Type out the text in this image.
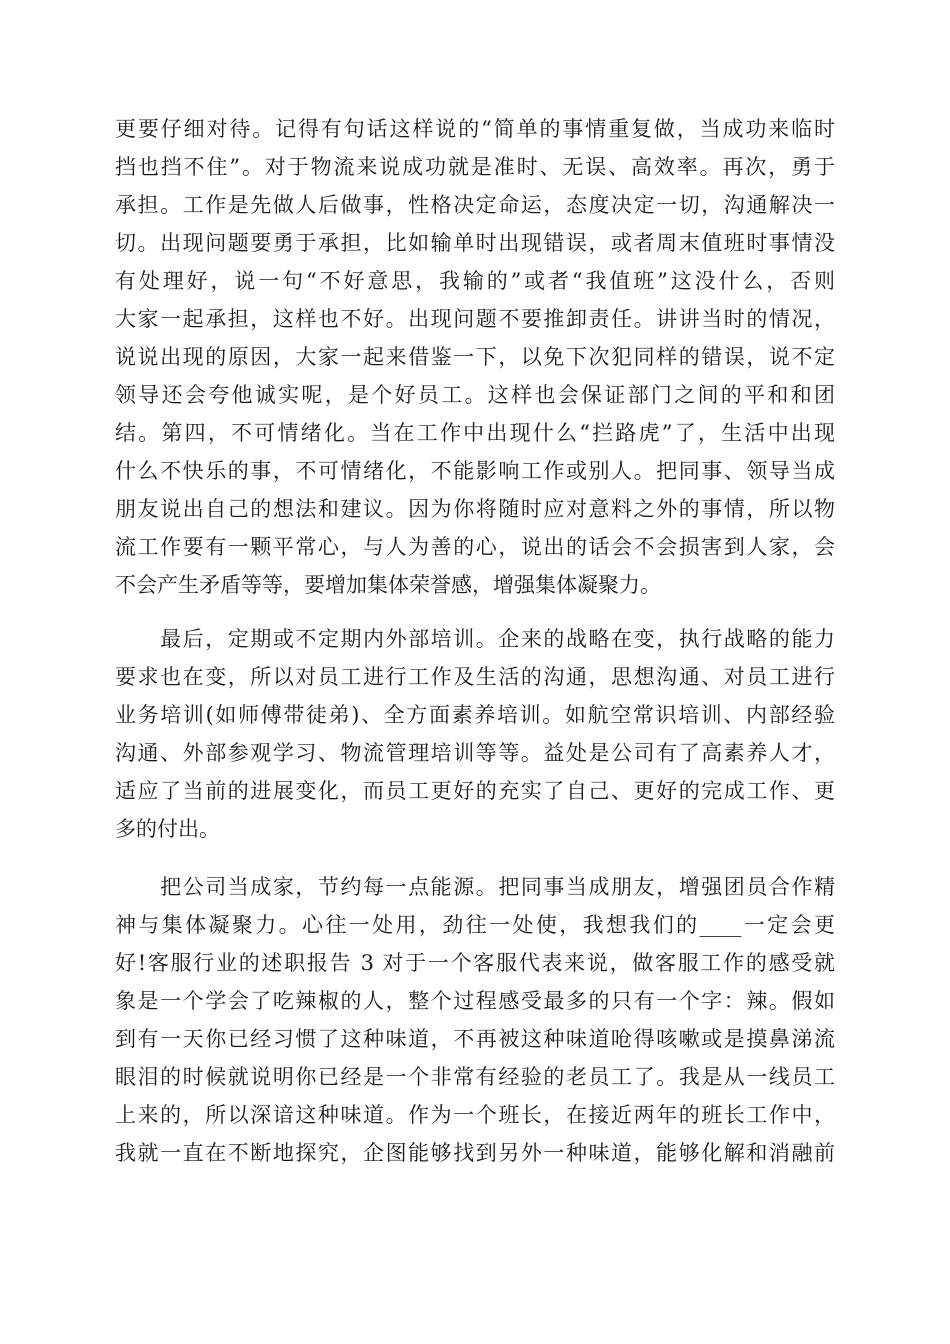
更要仔细对待。记得有句话这样说的“简单的事情重复做，当成功来临时
挡也挡不住”。对于物流来说成功就是准时、无误、高效率。再次，勇于
承担。工作是先做人后做事，性格决定命运，态度决定一切，沟通解决一
切。出现问题要勇于承担，比如输单时出现错误，或者周末值班时事情没
有处理好，说一句“不好意思，我输的”或者“我值班”这没什么，否则
大家一起承担，这样也不好。出现问题不要推卸责任。讲讲当时的情况，
说说出现的原因，大家一起来借鉴一下，以免下次犯同样的错误，说不定
领导还会夸他诚实呢，是个好员工。这样也会保证部门之间的平和和团
结。第四，不可情绪化。当在工作中出现什么“拦路虎”了，生活中出现
什么不快乐的事，不可情绪化，不能影响工作或别人。把同事、领导当成
朋友说出自己的想法和建议。因为你将随时应对意料之外的事情，所以物
流工作要有一颗平常心，与人为善的心，说出的话会不会损害到人家，会
不会产生矛盾等等，要增加集体荣誉感，增强集体凝聚力。
　　最后，定期或不定期内外部培训。企来的战略在变，执行战略的能力
要求也在变，所以对员工进行工作及生活的沟通，思想沟通、对员工进行
业务培训(如师傅带徒弟)、全方面素养培训。如航空常识培训、内部经验
沟通、外部参观学习、物流管理培训等等。益处是公司有了高素养人才，
适应了当前的进展变化，而员工更好的充实了自己、更好的完成工作、更
多的付出。
　　把公司当成家，节约每一点能源。把同事当成朋友，增强团员合作精
神与集体凝聚力。心往一处用，劲往一处使，我想我们的____一定会更
好!客服行业的述职报告 3 对于一个客服代表来说，做客服工作的感受就
象是一个学会了吃辣椒的人，整个过程感受最多的只有一个字：辣。假如
到有一天你已经习惯了这种味道，不再被这种味道呛得咳嗽或是摸鼻涕流
眼泪的时候就说明你已经是一个非常有经验的老员工了。我是从一线员工
上来的，所以深谙这种味道。作为一个班长，在接近两年的班长工作中，
我就一直在不断地探究，企图能够找到另外一种味道，能够化解和消融前
